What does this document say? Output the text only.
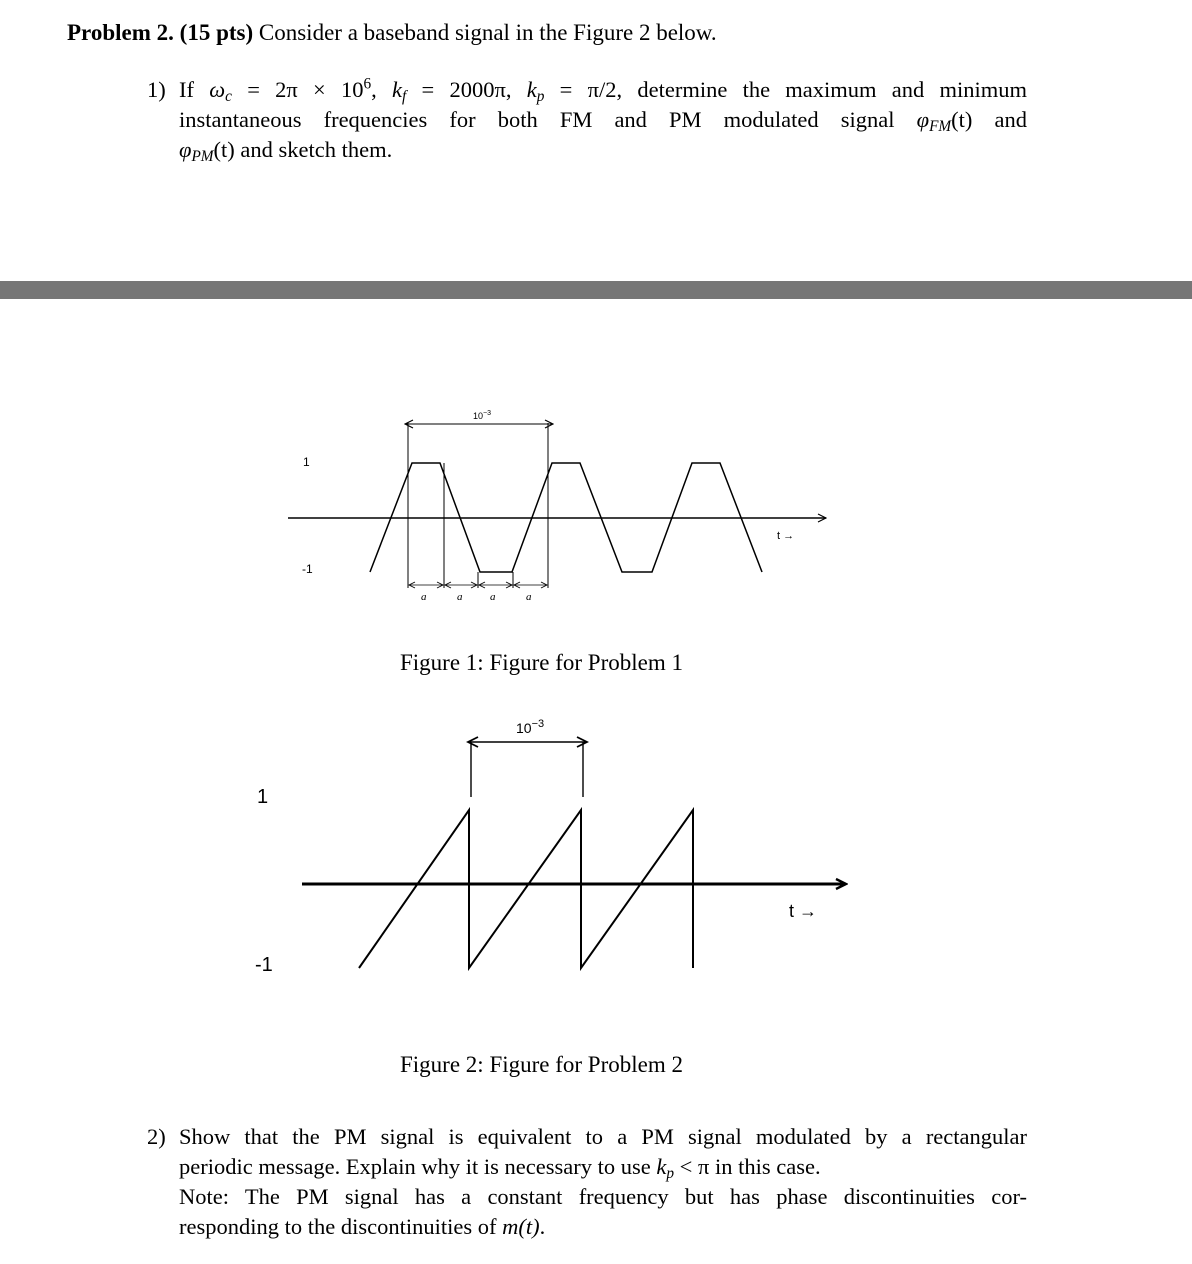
Problem 2. (15 pts) Consider a baseband signal in the Figure 2 below.
1) If $\omega_c = 2\pi \times 10^6$, $k_f = 2000\pi$, $k_p = \pi/2$, determine the maximum and minimum
instantaneous frequencies for both FM and PM modulated signal $\varphi_{FM}(t)$ and
$\varphi_{PM}(t)$ and sketch them.
$10^{-3}$
a	a	a	a
1
-1
t →
$10^{-3}$
1
-1
t →
Figure 1: Figure for Problem 1
Figure 2: Figure for Problem 2
2) Show that the PM signal is equivalent to a PM signal modulated by a rectangular
periodic message. Explain why it is necessary to use $k_p < \pi$ in this case.
Note: The PM signal has a constant frequency but has phase discontinuities cor-
responding to the discontinuities of m(t).
